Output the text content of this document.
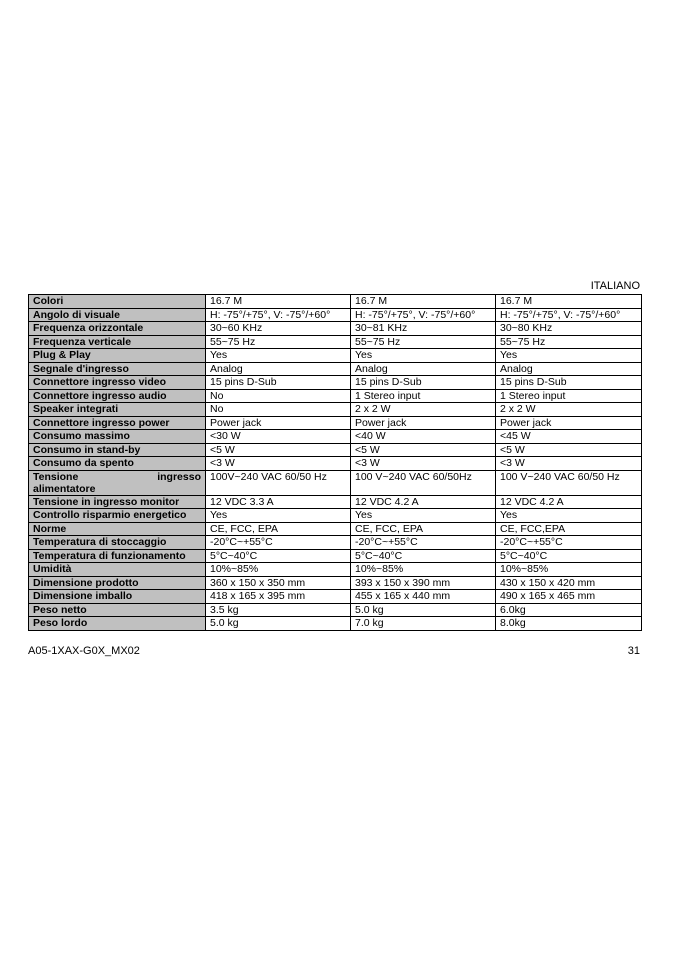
ITALIANO
Colori	16.7 M	16.7 M	16.7 M
Angolo di visuale	H: -75°/+75°, V: -75°/+60°	H: -75°/+75°, V: -75°/+60°	H: -75°/+75°, V: -75°/+60°
Frequenza orizzontale	30~60 KHz	30~81 KHz	30~80 KHz
Frequenza verticale	55~75 Hz	55~75 Hz	55~75 Hz
Plug & Play	Yes	Yes	Yes
Segnale d'ingresso	Analog	Analog	Analog
Connettore ingresso video	15 pins D-Sub	15 pins D-Sub	15 pins D-Sub
Connettore ingresso audio	No	1 Stereo input	1 Stereo input
Speaker integrati	No	2 x 2 W	2 x 2 W
Connettore ingresso power	Power jack	Power jack	Power jack
Consumo massimo	<30 W	<40 W	<45 W
Consumo in stand-by	<5 W	<5 W	<5 W
Consumo da spento	<3 W	<3 W	<3 W
Tensione ingresso
alimentatore	100V~240 VAC 60/50 Hz	100 V~240 VAC 60/50Hz	100 V~240 VAC 60/50 Hz
Tensione in ingresso monitor	12 VDC 3.3 A	12 VDC 4.2 A	12 VDC 4.2 A
Controllo risparmio energetico	Yes	Yes	Yes
Norme	CE, FCC, EPA	CE, FCC, EPA	CE, FCC,EPA
Temperatura di stoccaggio	-20°C~+55°C	-20°C~+55°C	-20°C~+55°C
Temperatura di funzionamento	5°C~40°C	5°C~40°C	5°C~40°C
Umidità	10%~85%	10%~85%	10%~85%
Dimensione prodotto	360 x 150 x 350 mm	393 x 150 x 390 mm	430 x 150 x 420 mm
Dimensione imballo	418 x 165 x 395 mm	455 x 165 x 440 mm	490 x 165 x 465 mm
Peso netto	3.5 kg	5.0 kg	6.0kg
Peso lordo	5.0 kg	7.0 kg	8.0kg
A05-1XAX-G0X_MX02	31
